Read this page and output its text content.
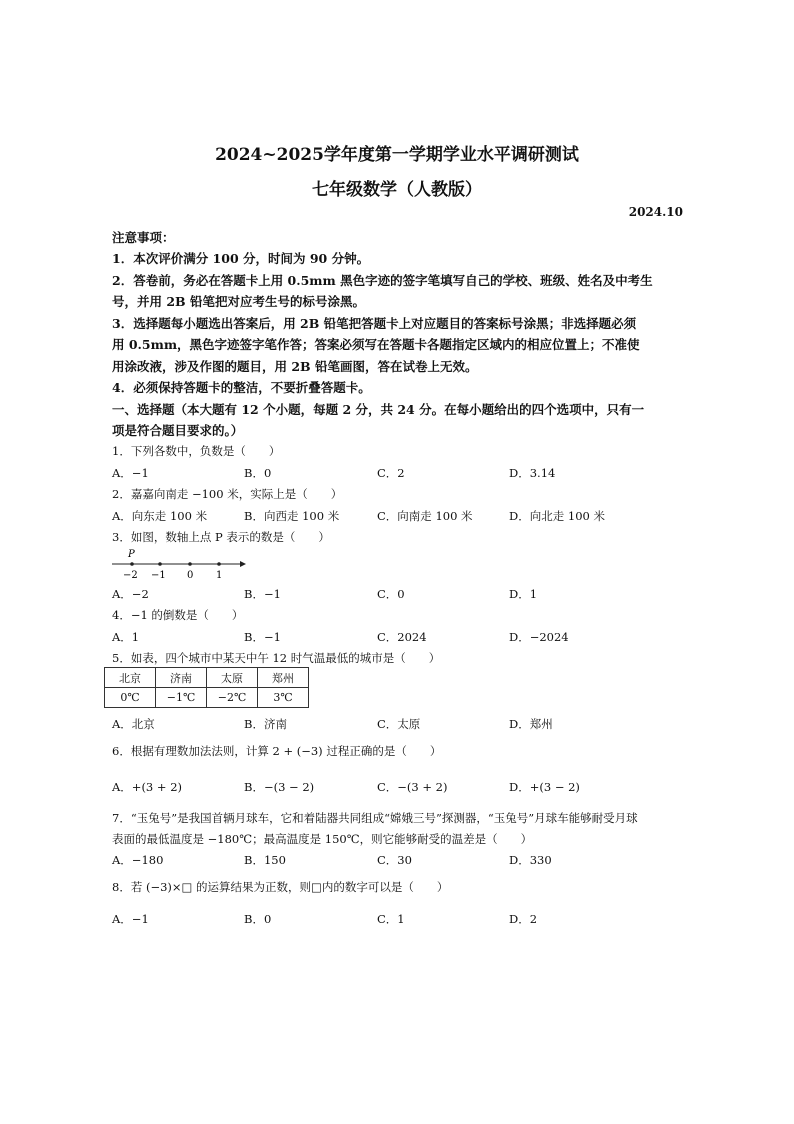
2024~2025学年度第一学期学业水平调研测试
七年级数学（人教版）
2024.10
注意事项：
1．本次评价满分 100 分，时间为 90 分钟。
2．答卷前，务必在答题卡上用 0.5mm 黑色字迹的签字笔填写自己的学校、班级、姓名及中考生
号，并用 2B 铅笔把对应考生号的标号涂黑。
3．选择题每小题选出答案后，用 2B 铅笔把答题卡上对应题目的答案标号涂黑；非选择题必须
用 0.5mm，黑色字迹签字笔作答；答案必须写在答题卡各题指定区域内的相应位置上；不准使
用涂改液，涉及作图的题目，用 2B 铅笔画图，答在试卷上无效。
4．必须保持答题卡的整洁，不要折叠答题卡。
一、选择题（本大题有 12 个小题，每题 2 分，共 24 分。在每小题给出的四个选项中，只有一
项是符合题目要求的。）
1．下列各数中，负数是（　　）
A．−1	B．0	C．2	D．3.14
2．嘉嘉向南走 −100 米，实际上是（　　）
A．向东走 100 米	B．向西走 100 米	C．向南走 100 米	D．向北走 100 米
3．如图，数轴上点 P 表示的数是（　　）
P
−2 −1 0 1
A．−2	B．−1	C．0	D．1
4．−1 的倒数是（　　）
A．1	B．−1	C．2024	D．−2024
5．如表，四个城市中某天中午 12 时气温最低的城市是（　　）
北京	济南	太原	郑州
0℃	−1℃	−2℃	3℃
A．北京	B．济南	C．太原	D．郑州
6．根据有理数加法法则，计算 2 + (−3) 过程正确的是（　　）
A．+(3 + 2)	B．−(3 − 2)	C．−(3 + 2)	D．+(3 − 2)
7．“玉兔号”是我国首辆月球车，它和着陆器共同组成“嫦娥三号”探测器，“玉兔号”月球车能够耐受月球
表面的最低温度是 −180℃；最高温度是 150℃，则它能够耐受的温差是（　　）
A．−180	B．150	C．30	D．330
8．若 (−3)×□ 的运算结果为正数，则□内的数字可以是（　　）
A．−1	B．0	C．1	D．2
